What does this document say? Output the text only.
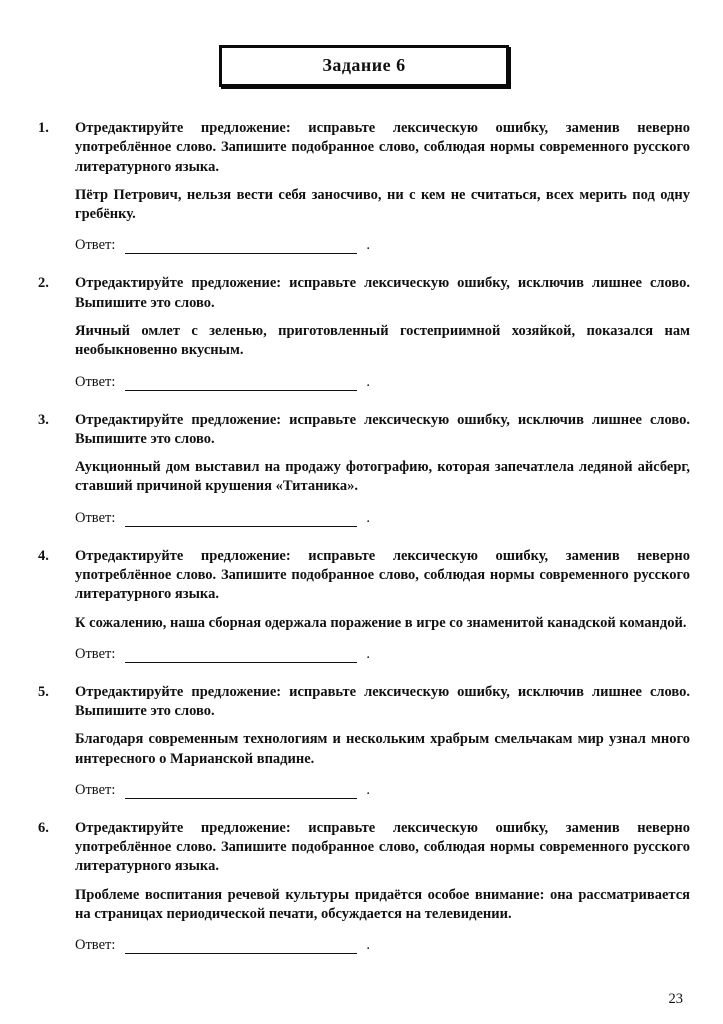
Задание 6
1.	Отредактируйте предложение: исправьте лексическую ошибку, заменив неверно употреблённое слово. Запишите подобранное слово, соблюдая нормы современного русского литературного языка.

Пётр Петрович, нельзя вести себя заносчиво, ни с кем не считаться, всех мерить под одну гребёнку.

Ответ:	.
2.	Отредактируйте предложение: исправьте лексическую ошибку, исключив лишнее слово. Выпишите это слово.

Яичный омлет с зеленью, приготовленный гостеприимной хозяйкой, показался нам необыкновенно вкусным.

Ответ:	.
3.	Отредактируйте предложение: исправьте лексическую ошибку, исключив лишнее слово. Выпишите это слово.

Аукционный дом выставил на продажу фотографию, которая запечатлела ледяной айсберг, ставший причиной крушения «Титаника».

Ответ:	.
4.	Отредактируйте предложение: исправьте лексическую ошибку, заменив неверно употреблённое слово. Запишите подобранное слово, соблюдая нормы современного русского литературного языка.

К сожалению, наша сборная одержала поражение в игре со знаменитой канадской командой.

Ответ:	.
5.	Отредактируйте предложение: исправьте лексическую ошибку, исключив лишнее слово. Выпишите это слово.

Благодаря современным технологиям и нескольким храбрым смельчакам мир узнал много интересного о Марианской впадине.

Ответ:	.
6.	Отредактируйте предложение: исправьте лексическую ошибку, заменив неверно употреблённое слово. Запишите подобранное слово, соблюдая нормы современного русского литературного языка.

Проблеме воспитания речевой культуры придаётся особое внимание: она рассматривается на страницах периодической печати, обсуждается на телевидении.

Ответ:	.
23
